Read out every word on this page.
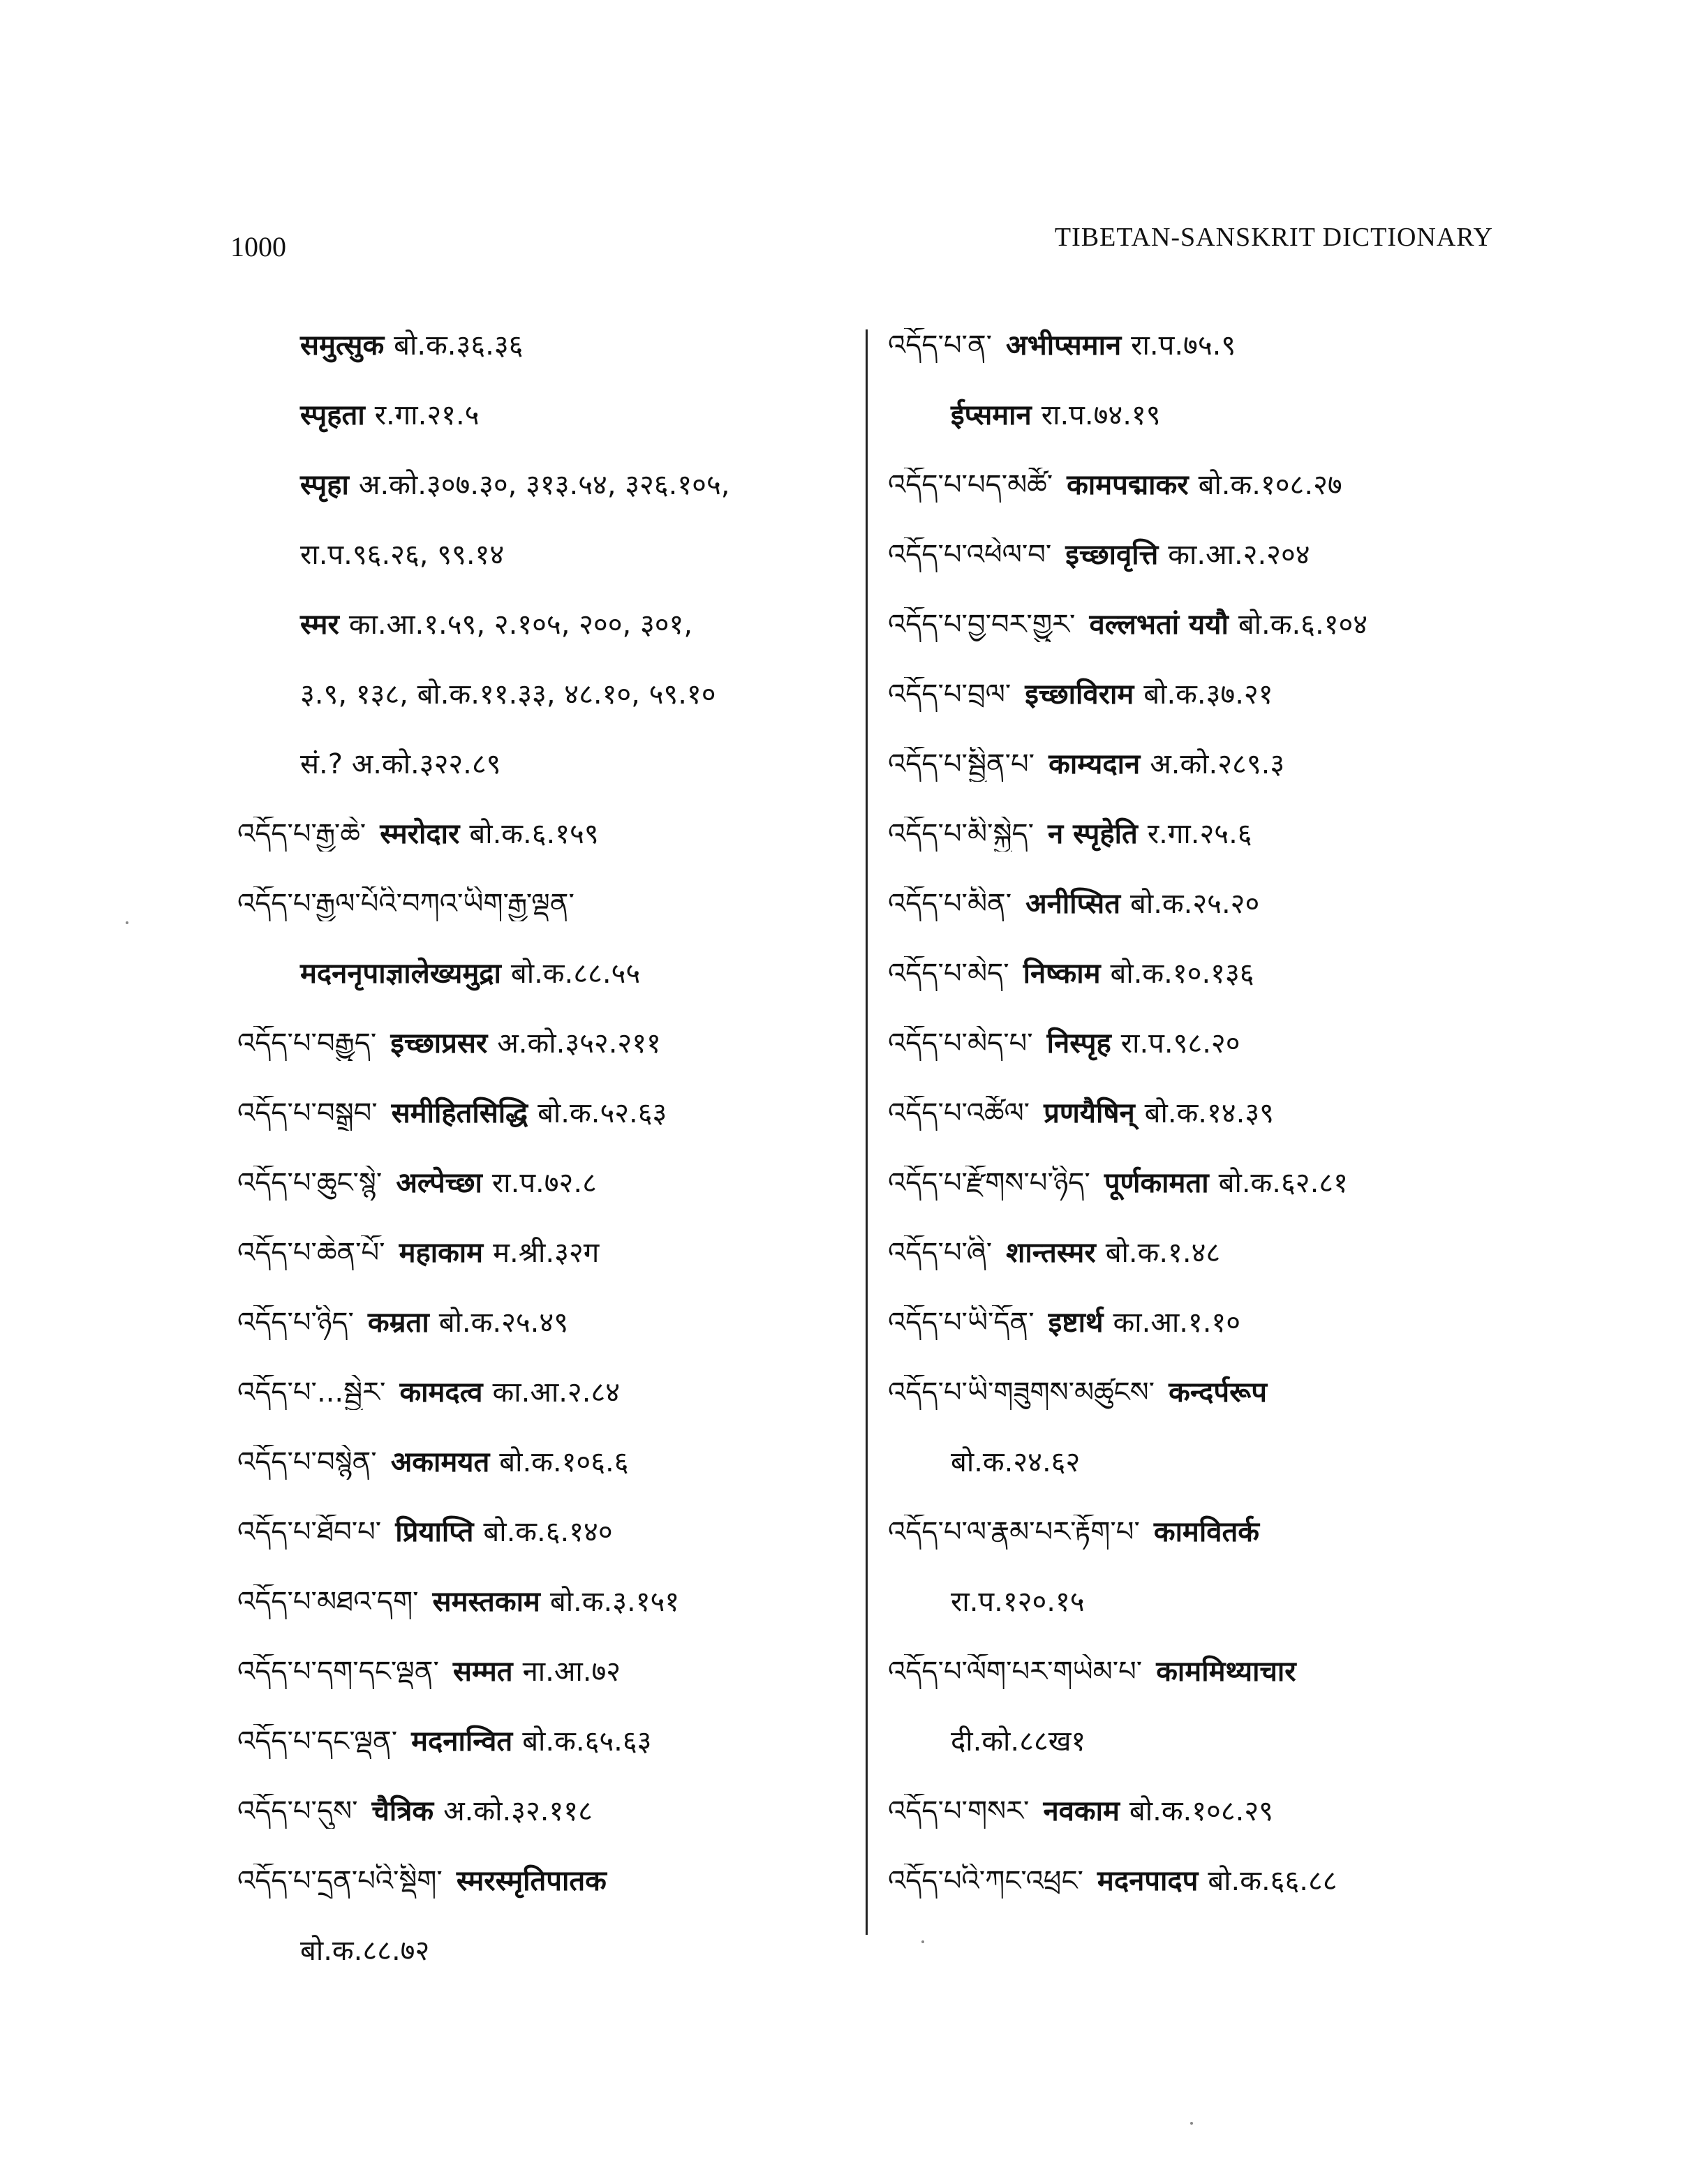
1000	TIBETAN-SANSKRIT DICTIONARY
समुत्सुक बो.क.३६.३६
स्पृहता र.गा.२१.५
स्पृहा अ.को.३०७.३०, ३१३.५४, ३२६.१०५,
रा.प.९६.२६, ९९.१४
स्मर का.आ.१.५९, २.१०५, २००, ३०१,
३.९, १३८, बो.क.११.३३, ४८.१०, ५९.१०
सं.? अ.को.३२२.८९
འདོད་པ་རྒྱ་ཆེ་ स्मरोदार बो.क.६.१५९
འདོད་པ་རྒྱལ་པོའི་བཀའ་ཡིག་རྒྱ་ལྡན་
मदननृपाज्ञालेख्यमुद्रा बो.क.८८.५५
འདོད་པ་བརྒྱུད་ इच्छाप्रसर अ.को.३५२.२११
འདོད་པ་བསྒྲུབ་ समीहितसिद्धि बो.क.५२.६३
འདོད་པ་ཆུང་སྙེ་ अल्पेच्छा रा.प.७२.८
འདོད་པ་ཆེན་པོ་ महाकाम म.श्री.३२ग
འདོད་པ་ཉིད་ कम्रता बो.क.२५.४९
འདོད་པ་...སྦྱེར་ कामदत्व का.आ.२.८४
འདོད་པ་བསྙེན་ अकामयत बो.क.१०६.६
འདོད་པ་ཐོབ་པ་ प्रियाप्ति बो.क.६.१४०
འདོད་པ་མཐའ་དག་ समस्तकाम बो.क.३.१५१
འདོད་པ་དག་དང་ལྡན་ सम्मत ना.आ.७२
འདོད་པ་དང་ལྡན་ मदनान्वित बो.क.६५.६३
འདོད་པ་དུས་ चैत्रिक अ.को.३२.११८
འདོད་པ་དྲན་པའི་སྡིག་ स्मरस्मृतिपातक
बो.क.८८.७२
འདོད་པ་ན་ अभीप्समान रा.प.७५.९
ईप्समान रा.प.७४.१९
འདོད་པ་པད་མཚོ་ कामपद्माकर बो.क.१०८.२७
འདོད་པ་འཕེལ་བ་ इच्छावृत्ति का.आ.२.२०४
འདོད་པ་བྱ་བར་གྱུར་ वल्लभतां ययौ बो.क.६.१०४
འདོད་པ་བྲལ་ इच्छाविराम बो.क.३७.२१
འདོད་པ་སྦྱིན་པ་ काम्यदान अ.को.२८९.३
འདོད་པ་མི་སྐྱེད་ न स्पृहेति र.गा.२५.६
འདོད་པ་མིན་ अनीप्सित बो.क.२५.२०
འདོད་པ་མེད་ निष्काम बो.क.१०.१३६
འདོད་པ་མེད་པ་ निस्पृह रा.प.९८.२०
འདོད་པ་འཚོལ་ प्रणयैषिन् बो.क.१४.३९
འདོད་པ་རྫོགས་པ་ཉིད་ पूर्णकामता बो.क.६२.८१
འདོད་པ་ཞི་ शान्तस्मर बो.क.१.४८
འདོད་པ་ཡི་དོན་ इष्टार्थ का.आ.१.१०
འདོད་པ་ཡི་གཟུགས་མཚུངས་ कन्दर्परूप
बो.क.२४.६२
འདོད་པ་ལ་རྣམ་པར་རྟོག་པ་ कामवितर्क
रा.प.१२०.१५
འདོད་པ་ལོག་པར་གཡེམ་པ་ काममिथ्याचार
दी.को.८८ख१
འདོད་པ་གསར་ नवकाम बो.क.१०८.२९
འདོད་པའི་ཀང་འཕྲང་ मदनपादप बो.क.६६.८८
